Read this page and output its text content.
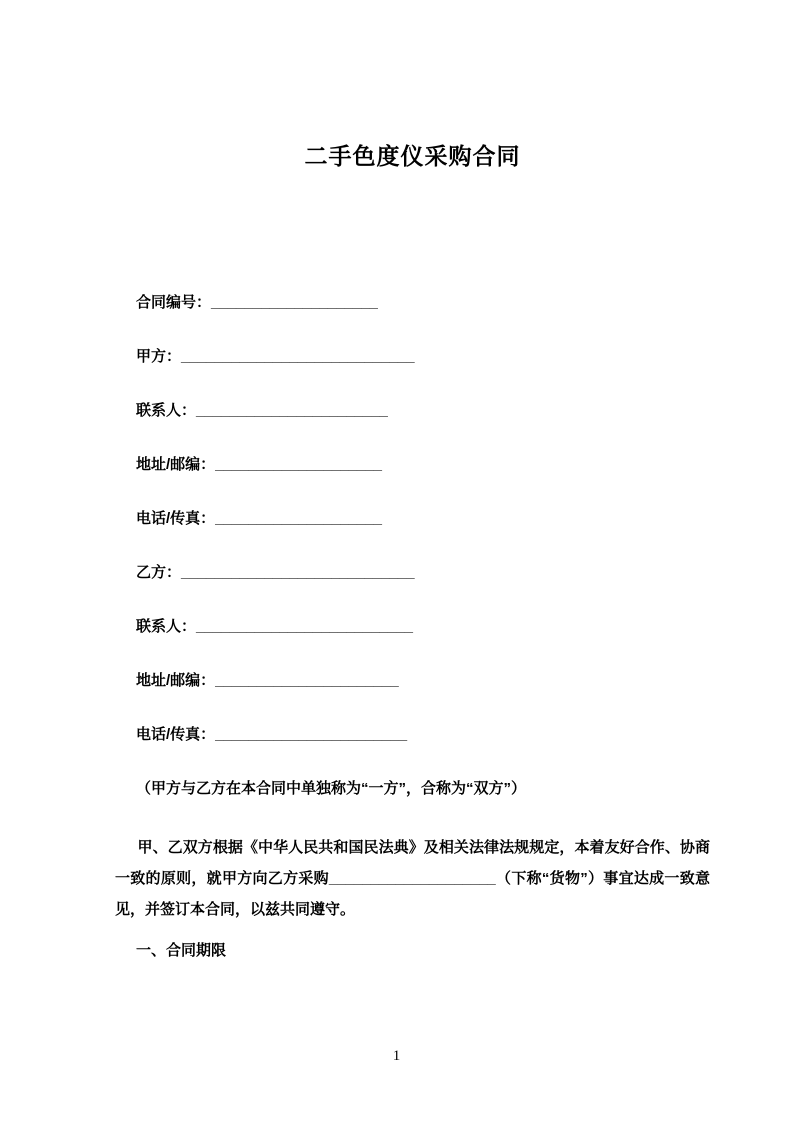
二手色度仪采购合同
合同编号：____________________
甲方：____________________________
联系人：_______________________
地址/邮编：____________________
电话/传真：____________________
乙方：____________________________
联系人：__________________________
地址/邮编：______________________
电话/传真：_______________________

（甲方与乙方在本合同中单独称为“一方”，合称为“双方”）

甲、乙双方根据《中华人民共和国民法典》及相关法律法规规定，本着友好合作、协商一致的原则，就甲方向乙方采购____________________（下称“货物”）事宜达成一致意见，并签订本合同，以兹共同遵守。

一、合同期限

1
